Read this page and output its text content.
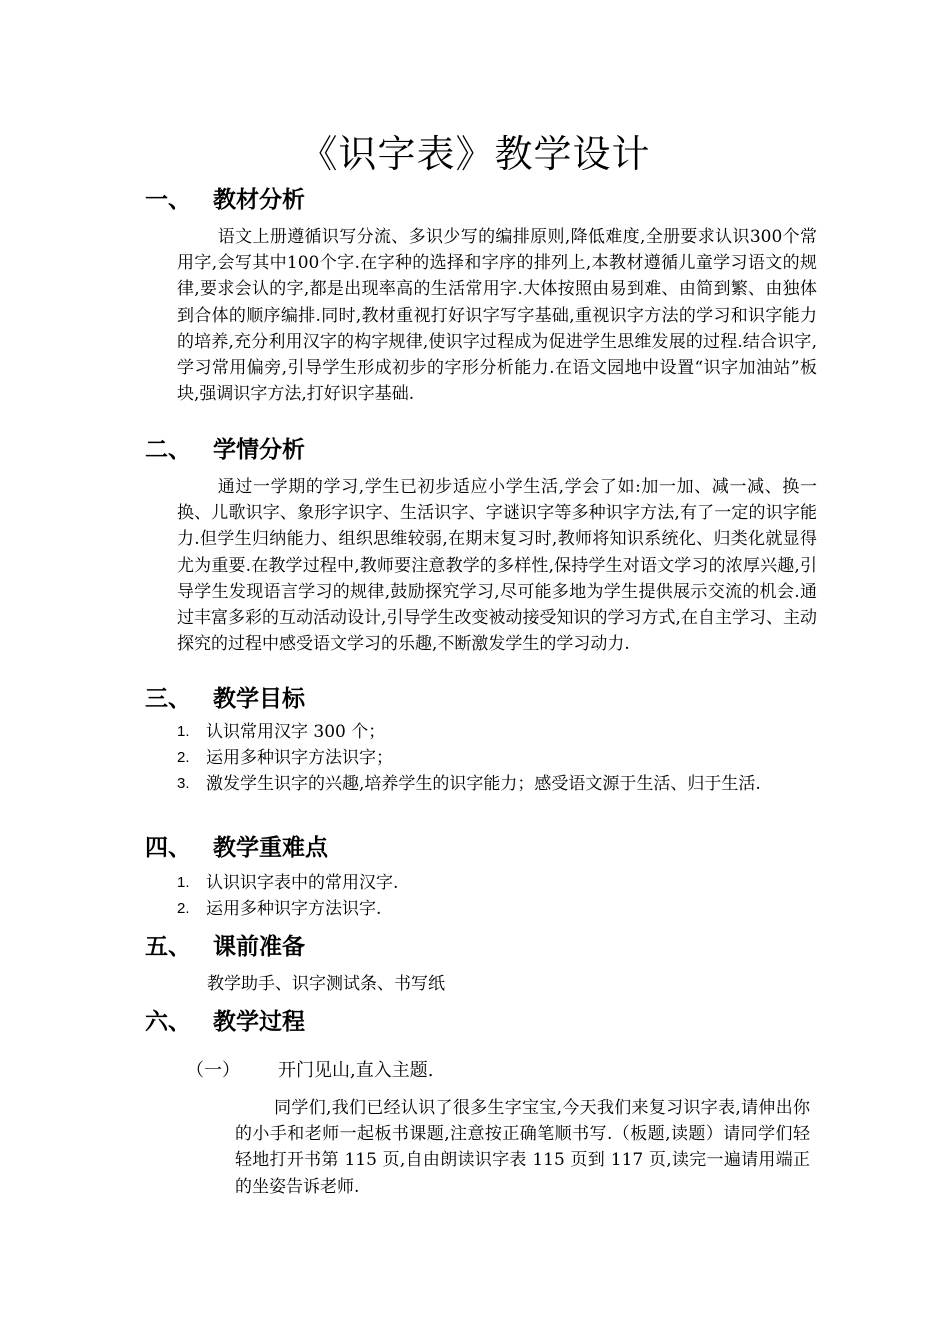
《识字表》教学设计
一、 教材分析
语文上册遵循识写分流、多识少写的编排原则,降低难度,全册要求认识300个常用字,会写其中100个字.在字种的选择和字序的排列上,本教材遵循儿童学习语文的规律,要求会认的字,都是出现率高的生活常用字.大体按照由易到难、由简到繁、由独体到合体的顺序编排.同时,教材重视打好识字写字基础,重视识字方法的学习和识字能力的培养,充分利用汉字的构字规律,使识字过程成为促进学生思维发展的过程.结合识字,学习常用偏旁,引导学生形成初步的字形分析能力.在语文园地中设置“识字加油站”板块,强调识字方法,打好识字基础.
二、 学情分析
通过一学期的学习,学生已初步适应小学生活,学会了如:加一加、减一减、换一换、儿歌识字、象形字识字、生活识字、字谜识字等多种识字方法,有了一定的识字能力.但学生归纳能力、组织思维较弱,在期末复习时,教师将知识系统化、归类化就显得尤为重要.在教学过程中,教师要注意教学的多样性,保持学生对语文学习的浓厚兴趣,引导学生发现语言学习的规律,鼓励探究学习,尽可能多地为学生提供展示交流的机会.通过丰富多彩的互动活动设计,引导学生改变被动接受知识的学习方式,在自主学习、主动探究的过程中感受语文学习的乐趣,不断激发学生的学习动力.
三、 教学目标
1. 认识常用汉字 300 个；
2. 运用多种识字方法识字；
3. 激发学生识字的兴趣,培养学生的识字能力；感受语文源于生活、归于生活.
四、 教学重难点
1. 认识识字表中的常用汉字.
2. 运用多种识字方法识字.
五、 课前准备
教学助手、识字测试条、书写纸
六、 教学过程
（一） 开门见山,直入主题.
同学们,我们已经认识了很多生字宝宝,今天我们来复习识字表,请伸出你的小手和老师一起板书课题,注意按正确笔顺书写.（板题,读题）请同学们轻轻地打开书第 115 页,自由朗读识字表 115 页到 117 页,读完一遍请用端正的坐姿告诉老师.
